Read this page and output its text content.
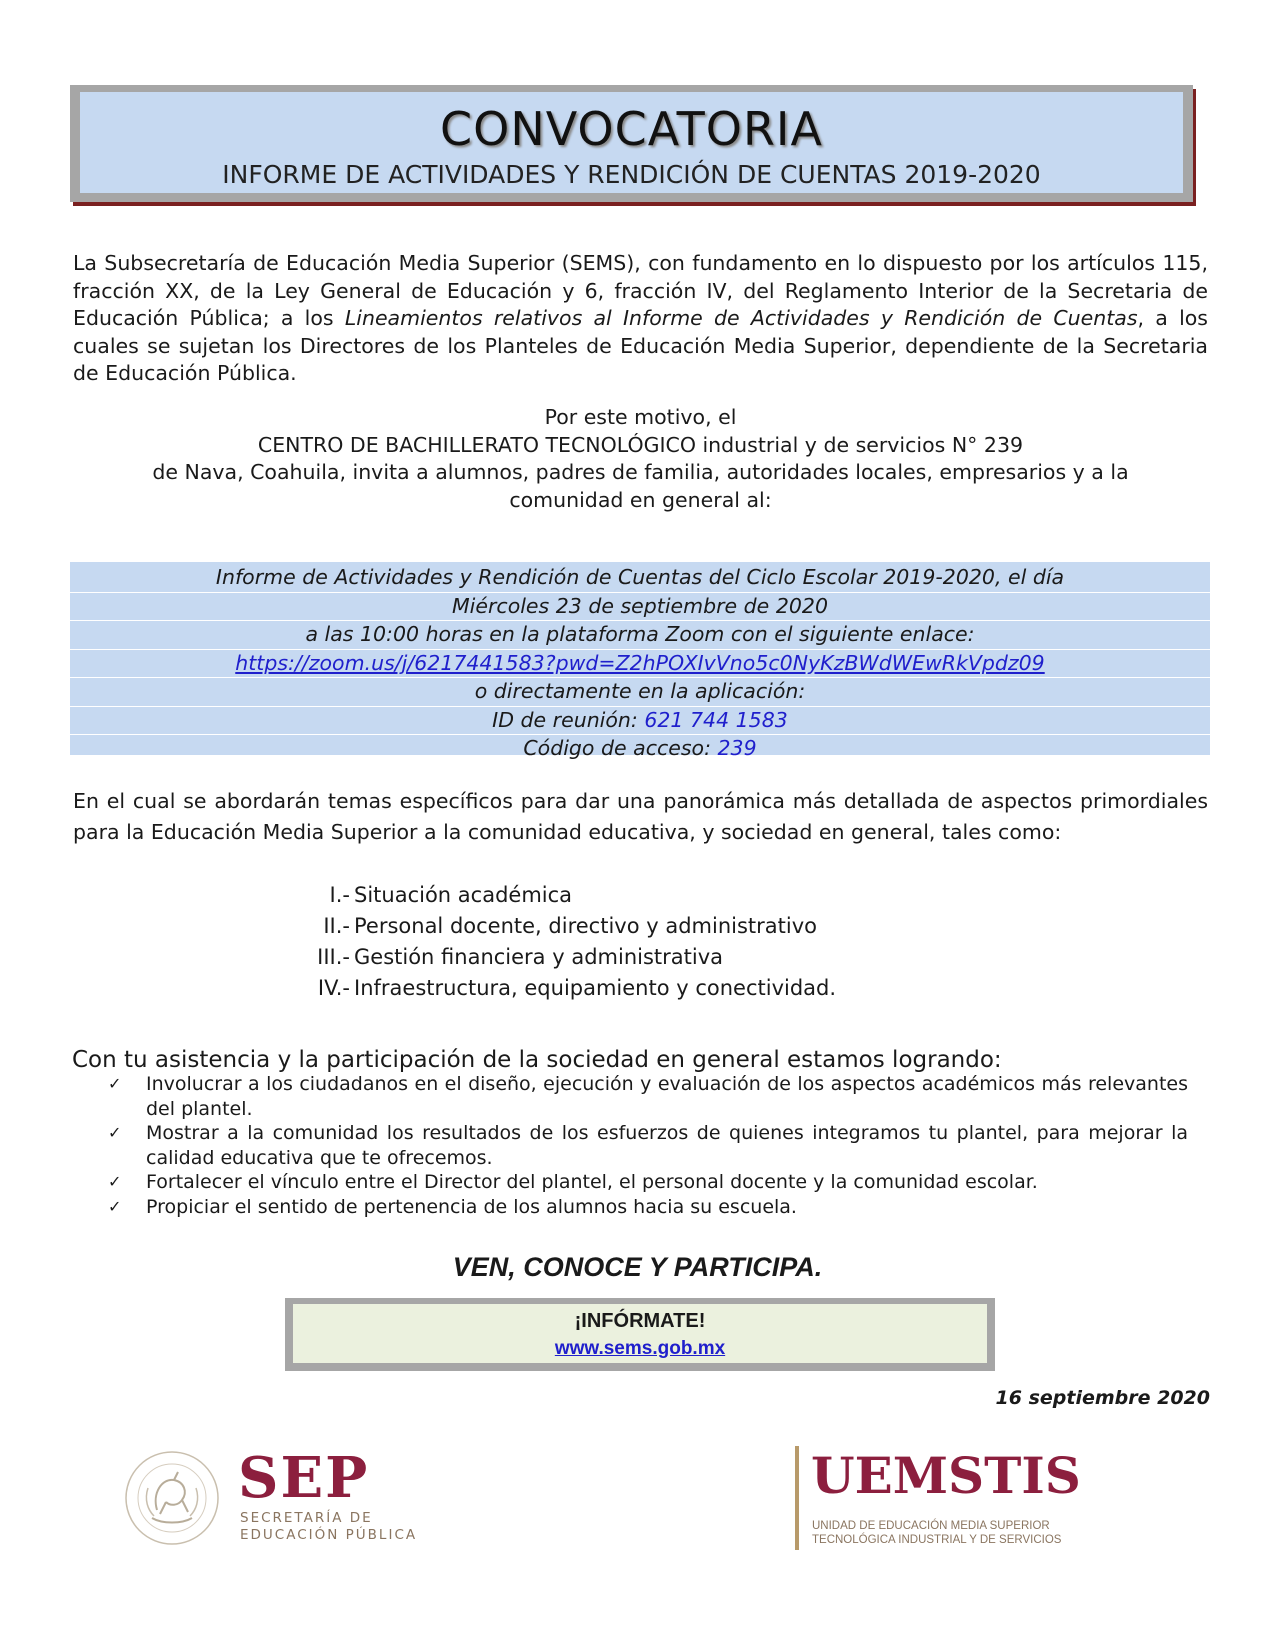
CONVOCATORIA
INFORME DE ACTIVIDADES Y RENDICIÓN DE CUENTAS 2019-2020

La Subsecretaría de Educación Media Superior (SEMS), con fundamento en lo dispuesto por los artículos 115, fracción XX, de la Ley General de Educación y 6, fracción IV, del Reglamento Interior de la Secretaria de Educación Pública; a los Lineamientos relativos al Informe de Actividades y Rendición de Cuentas, a los cuales se sujetan los Directores de los Planteles de Educación Media Superior, dependiente de la Secretaria de Educación Pública.

Por este motivo, el
CENTRO DE BACHILLERATO TECNOLÓGICO industrial y de servicios N° 239
de Nava, Coahuila, invita a alumnos, padres de familia, autoridades locales, empresarios y a la
comunidad en general al:
Informe de Actividades y Rendición de Cuentas del Ciclo Escolar 2019-2020, el día
Miércoles 23 de septiembre de 2020
a las 10:00 horas en la plataforma Zoom con el siguiente enlace:
https://zoom.us/j/6217441583?pwd=Z2hPOXIvVno5c0NyKzBWdWEwRkVpdz09
o directamente en la aplicación:
ID de reunión: 621 744 1583
Código de acceso: 239

En el cual se abordarán temas específicos para dar una panorámica más detallada de aspectos primordiales para la Educación Media Superior a la comunidad educativa, y sociedad en general, tales como:

I.- Situación académica
II.- Personal docente, directivo y administrativo
III.- Gestión financiera y administrativa
IV.- Infraestructura, equipamiento y conectividad.
Con tu asistencia y la participación de la sociedad en general estamos logrando:
✓	Involucrar a los ciudadanos en el diseño, ejecución y evaluación de los aspectos académicos más relevantes del plantel.
✓	Mostrar a la comunidad los resultados de los esfuerzos de quienes integramos tu plantel, para mejorar la calidad educativa que te ofrecemos.
✓	Fortalecer el vínculo entre el Director del plantel, el personal docente y la comunidad escolar.
✓	Propiciar el sentido de pertenencia de los alumnos hacia su escuela.
VEN, CONOCE Y PARTICIPA.
¡INFÓRMATE!
www.sems.gob.mx
16 septiembre 2020
SEP
SECRETARÍA DE
EDUCACIÓN PÚBLICA
UEMSTIS
UNIDAD DE EDUCACIÓN MEDIA SUPERIOR
TECNOLÓGICA INDUSTRIAL Y DE SERVICIOS
